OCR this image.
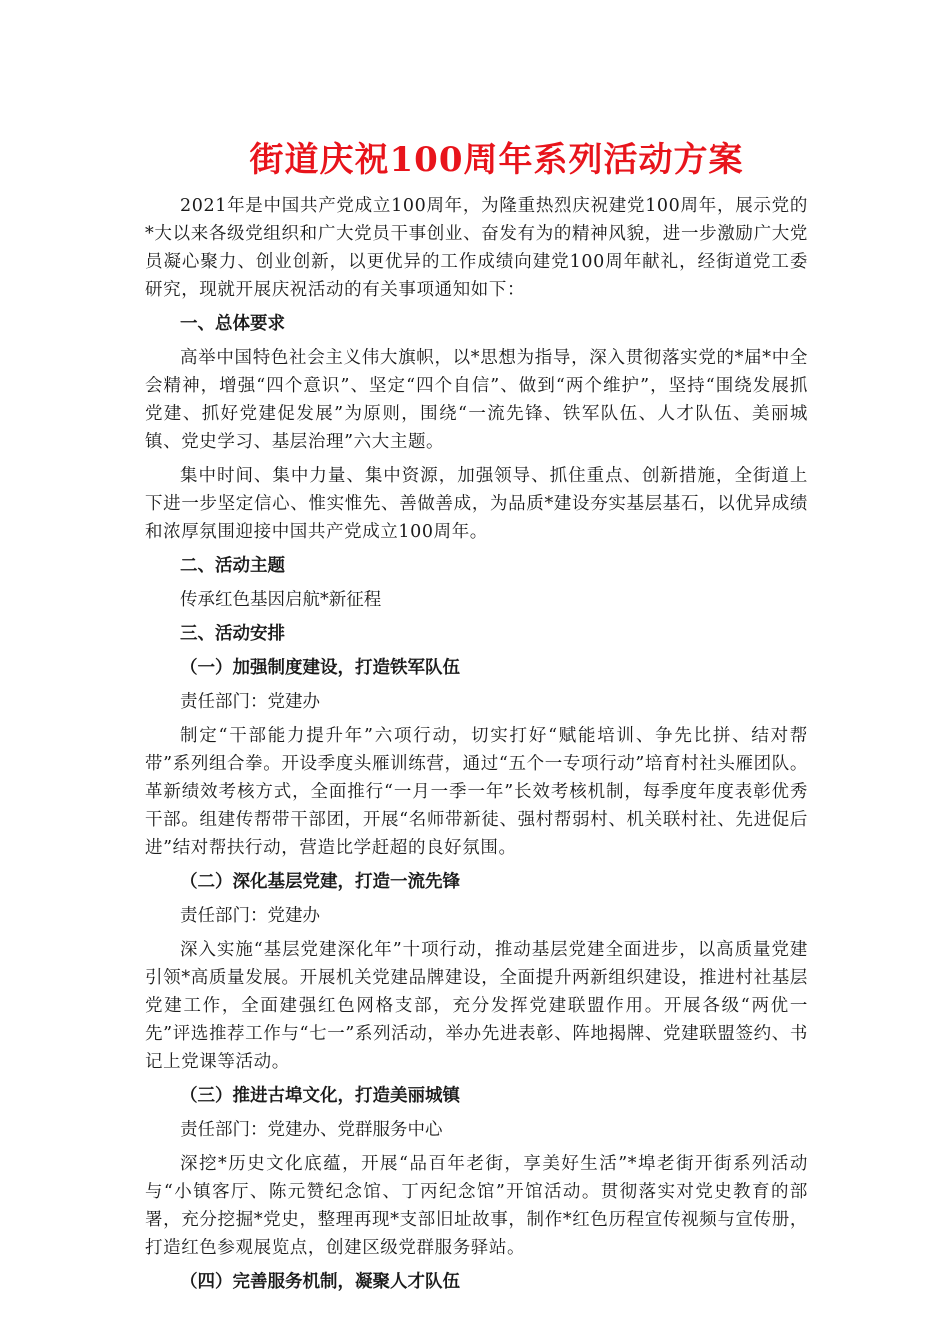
街道庆祝100周年系列活动方案

2021年是中国共产党成立100周年，为隆重热烈庆祝建党100周年，展示党的*大以来各级党组织和广大党员干事创业、奋发有为的精神风貌，进一步激励广大党员凝心聚力、创业创新，以更优异的工作成绩向建党100周年献礼，经街道党工委研究，现就开展庆祝活动的有关事项通知如下：

一、总体要求

高举中国特色社会主义伟大旗帜，以*思想为指导，深入贯彻落实党的*届*中全会精神，增强“四个意识”、坚定“四个自信”、做到“两个维护”，坚持“围绕发展抓党建、抓好党建促发展”为原则，围绕“一流先锋、铁军队伍、人才队伍、美丽城镇、党史学习、基层治理”六大主题。

集中时间、集中力量、集中资源，加强领导、抓住重点、创新措施，全街道上下进一步坚定信心、惟实惟先、善做善成，为品质*建设夯实基层基石，以优异成绩和浓厚氛围迎接中国共产党成立100周年。

二、活动主题
传承红色基因启航*新征程
三、活动安排
（一）加强制度建设，打造铁军队伍
责任部门：党建办

制定“干部能力提升年”六项行动，切实打好“赋能培训、争先比拼、结对帮带”系列组合拳。开设季度头雁训练营，通过“五个一专项行动”培育村社头雁团队。革新绩效考核方式，全面推行“一月一季一年”长效考核机制，每季度年度表彰优秀干部。组建传帮带干部团，开展“名师带新徒、强村帮弱村、机关联村社、先进促后进”结对帮扶行动，营造比学赶超的良好氛围。

（二）深化基层党建，打造一流先锋
责任部门：党建办

深入实施“基层党建深化年”十项行动，推动基层党建全面进步，以高质量党建引领*高质量发展。开展机关党建品牌建设，全面提升两新组织建设，推进村社基层党建工作，全面建强红色网格支部，充分发挥党建联盟作用。开展各级“两优一先”评选推荐工作与“七一”系列活动，举办先进表彰、阵地揭牌、党建联盟签约、书记上党课等活动。

（三）推进古埠文化，打造美丽城镇
责任部门：党建办、党群服务中心

深挖*历史文化底蕴，开展“品百年老街，享美好生活”*埠老街开街系列活动与“小镇客厅、陈元赞纪念馆、丁丙纪念馆”开馆活动。贯彻落实对党史教育的部署，充分挖掘*党史，整理再现*支部旧址故事，制作*红色历程宣传视频与宣传册，打造红色参观展览点，创建区级党群服务驿站。

（四）完善服务机制，凝聚人才队伍
